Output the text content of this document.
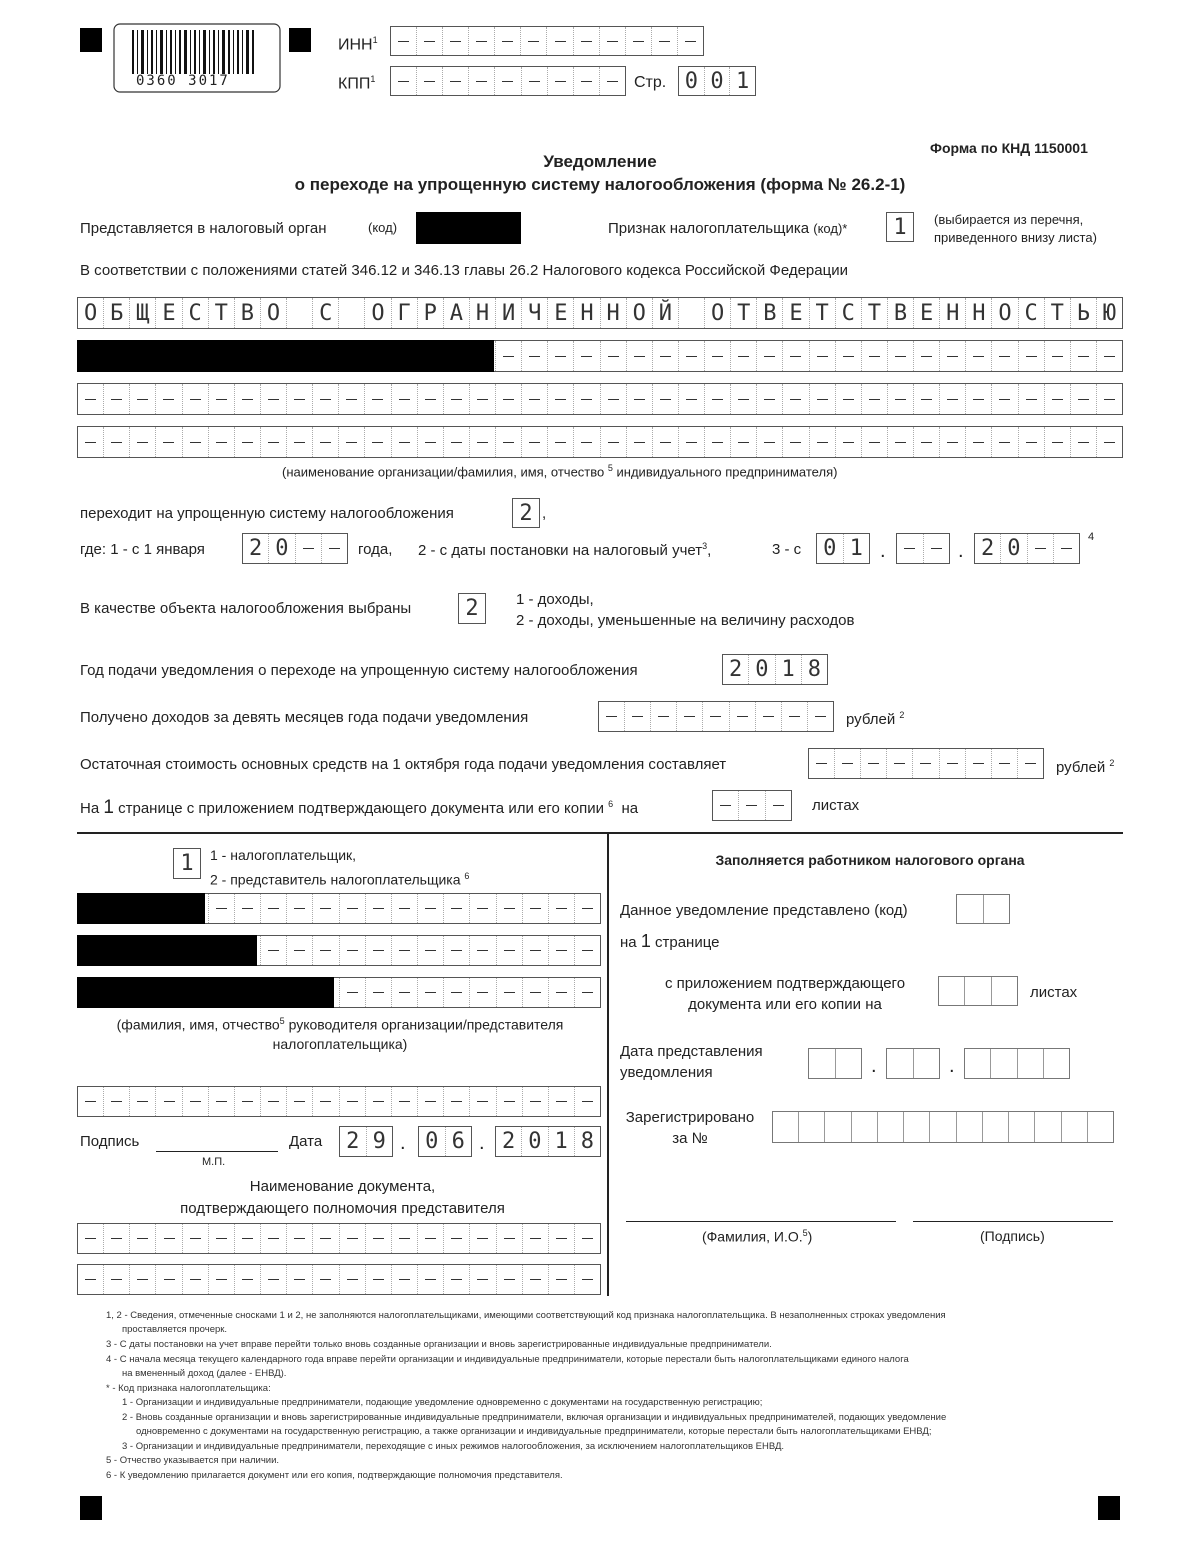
0360 3017
ИНН$^1$
КПП$^1$	Стр. 0 0 1
Форма по КНД 1150001
Уведомление
о переходе на упрощенную систему налогообложения (форма № 26.2-1)
Представляется в налоговый орган	(код)	Признак налогоплательщика (код)* 1	(выбирается из перечня,
приведенного внизу листа)
В соответствии с положениями статей 346.12 и 346.13 главы 26.2 Налогового кодекса Российской Федерации
О Б Щ Е С Т В О	С	О Г Р А Н И Ч Е Н Н О Й	О Т В Е Т С Т В Е Н Н О С Т Ь Ю
(наименование организации/фамилия, имя, отчество $^5$ индивидуального предпринимателя)
переходит на упрощенную систему налогообложения	2 ,
где: 1 - с 1 января 2 0	года, 2 - с даты постановки на налоговый учет$^3$,	3 - с 0 1 .	. 2 0	4
В качестве объекта налогообложения выбраны 2	1 - доходы,
2 - доходы, уменьшенные на величину расходов
Год подачи уведомления о переходе на упрощенную систему налогообложения	2 0 1 8
Получено доходов за девять месяцев года подачи уведомления	рублей $^2$
Остаточная стоимость основных средств на 1 октября года подачи уведомления составляет	рублей $^2$
На 1 странице с приложением подтверждающего документа или его копии $^6$ на	листах
1	1 - налогоплательщик,
2 - представитель налогоплательщика $^6$
(фамилия, имя, отчество$^5$ руководителя организации/представителя
налогоплательщика)
Подпись
М.П.
Дата 2 9 . 0 6 . 2 0 1 8
Наименование документа,
подтверждающего полномочия представителя
Заполняется работником налогового органа
Данное уведомление представлено (код)
на 1 странице
с приложением подтверждающего
документа или его копии на
листах
Дата представления
уведомления	.	.
Зарегистрировано
за №
(Фамилия, И.О.$^5$)	(Подпись)
1, 2 - Сведения, отмеченные сносками 1 и 2, не заполняются налогоплательщиками, имеющими соответствующий код признака налогоплательщика. В незаполненных строках уведомления
проставляется прочерк.
3 - С даты постановки на учет вправе перейти только вновь созданные организации и вновь зарегистрированные индивидуальные предприниматели.
4 - С начала месяца текущего календарного года вправе перейти организации и индивидуальные предприниматели, которые перестали быть налогоплательщиками единого налога
на вмененный доход (далее - ЕНВД).
* - Код признака налогоплательщика:
1 - Организации и индивидуальные предприниматели, подающие уведомление одновременно с документами на государственную регистрацию;
2 - Вновь созданные организации и вновь зарегистрированные индивидуальные предприниматели, включая организации и индивидуальных предпринимателей, подающих уведомление
одновременно с документами на государственную регистрацию, а также организации и индивидуальные предприниматели, которые перестали быть налогоплательщиками ЕНВД;
3 - Организации и индивидуальные предприниматели, переходящие с иных режимов налогообложения, за исключением налогоплательщиков ЕНВД.
5 - Отчество указывается при наличии.
6 - К уведомлению прилагается документ или его копия, подтверждающие полномочия представителя.
